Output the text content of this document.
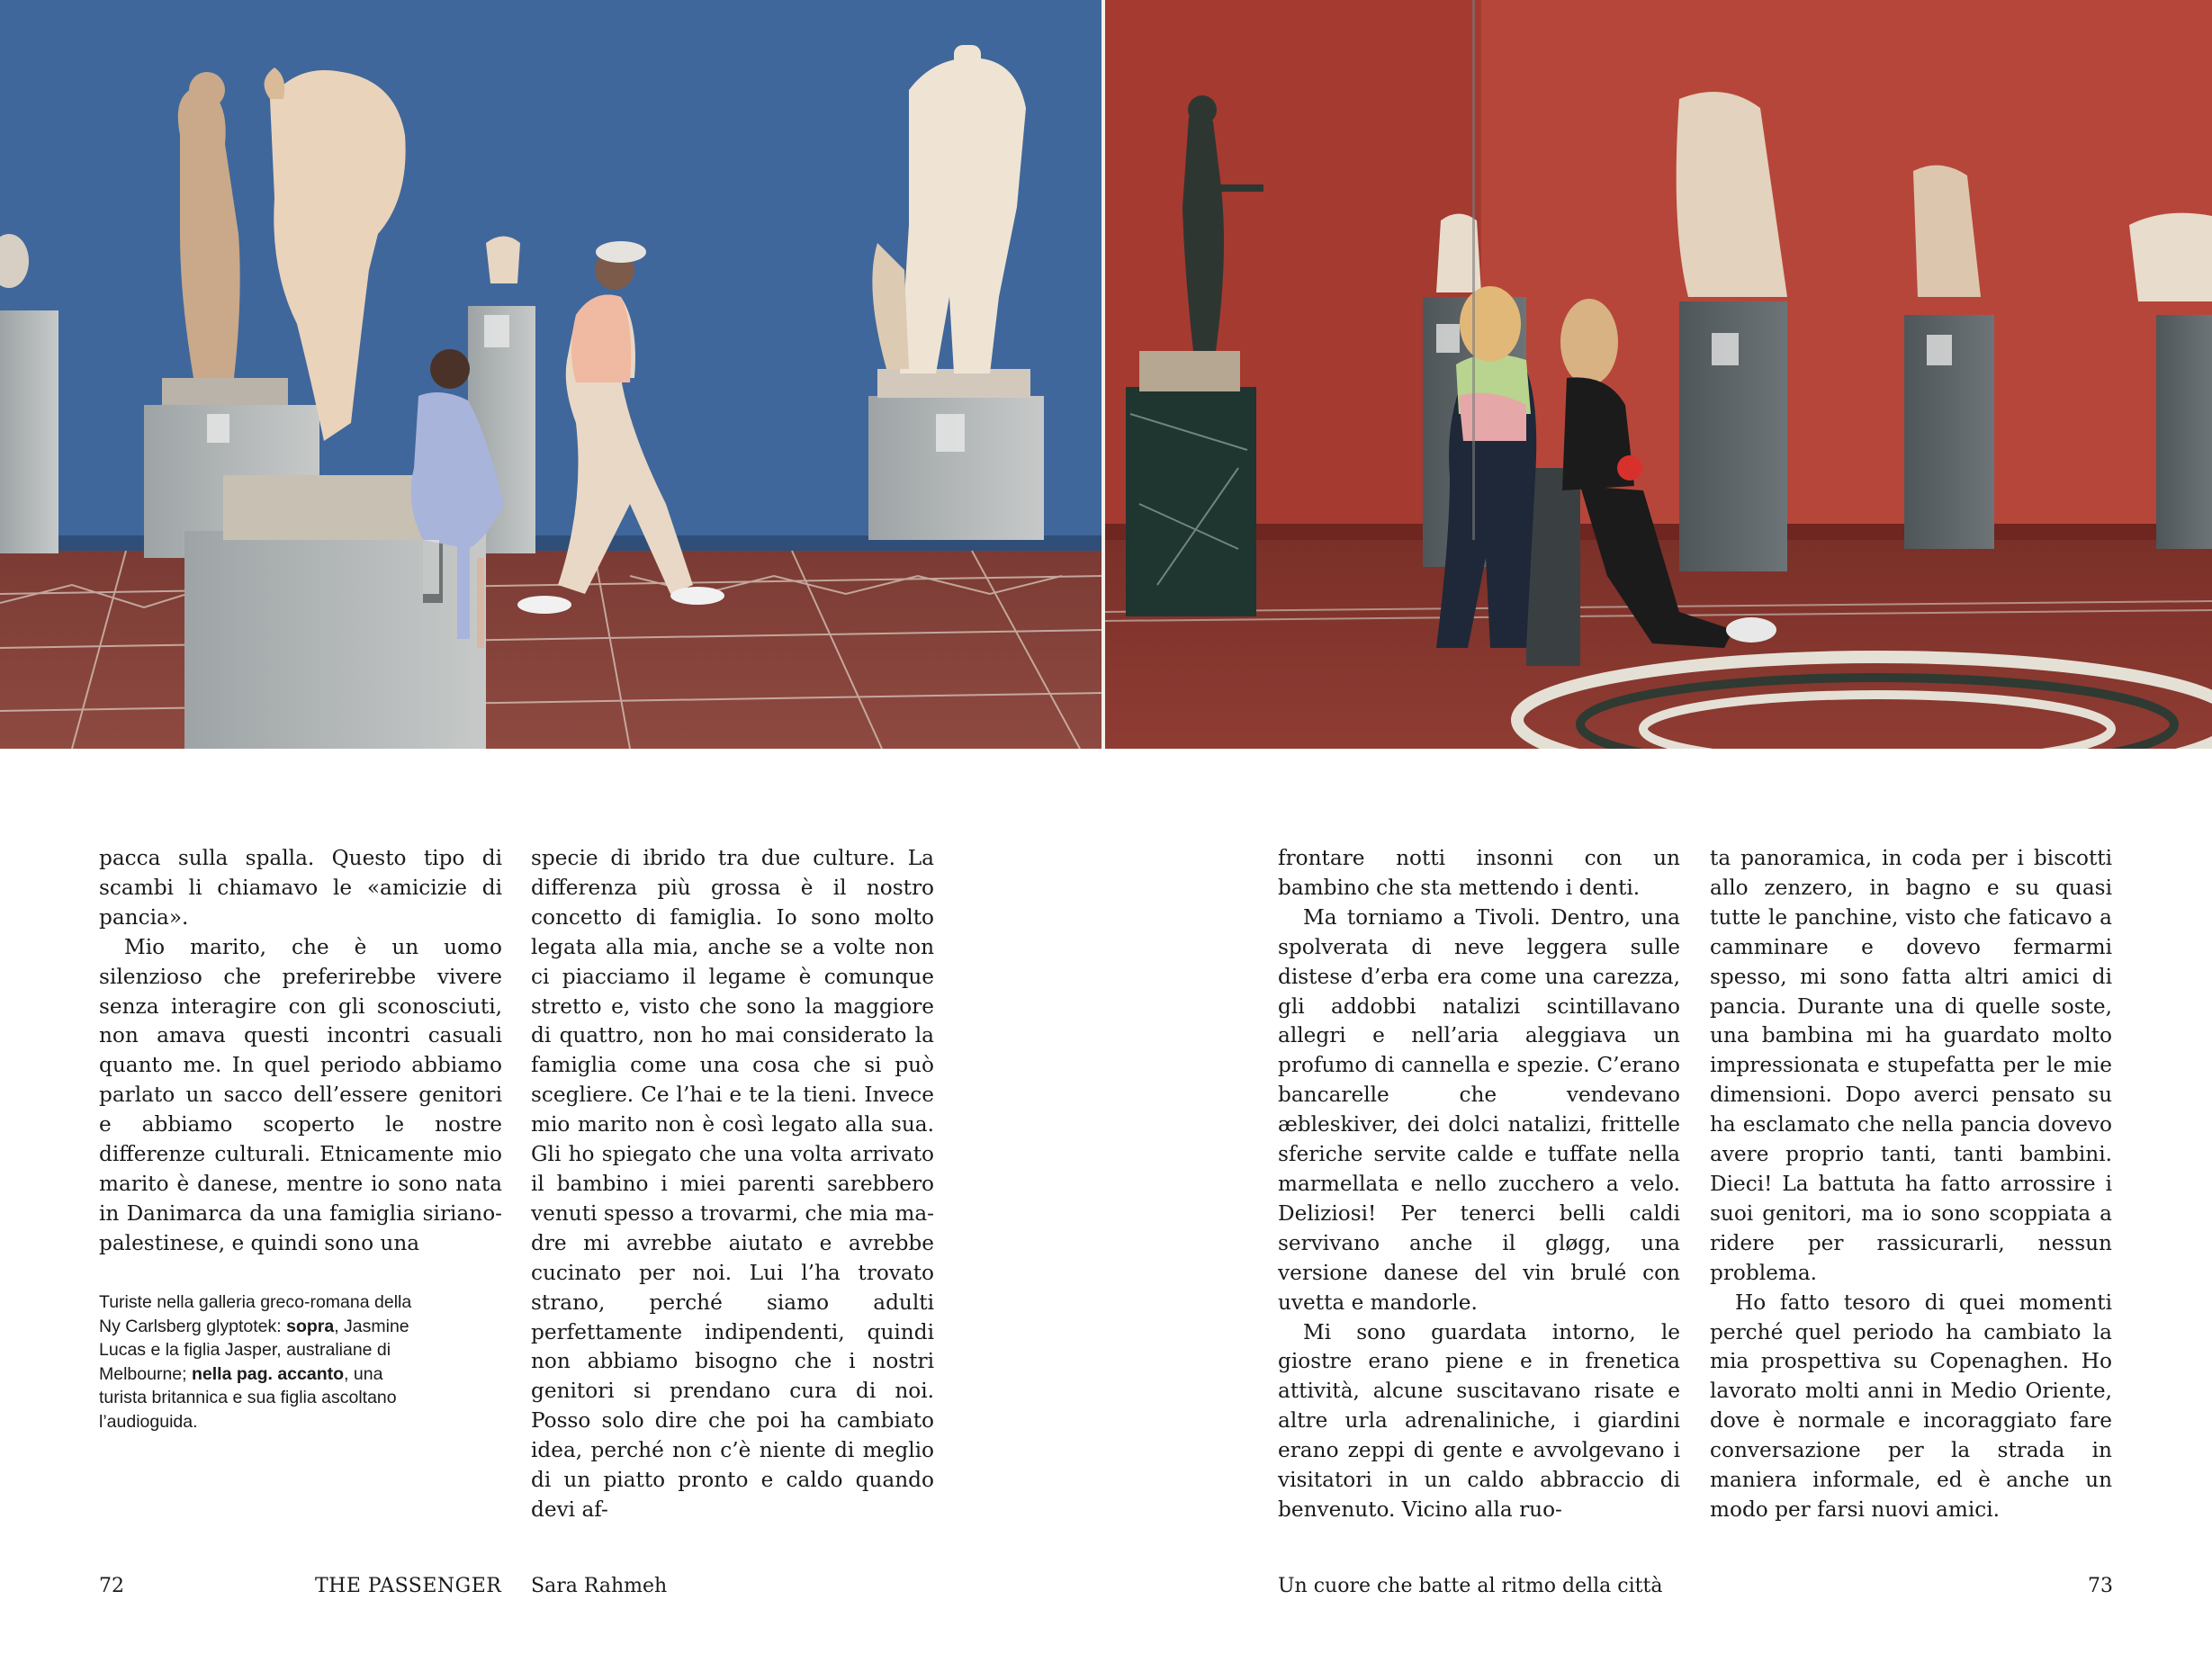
pacca sulla spalla. Questo tipo di scambi li chiamavo le «amicizie di pancia».

Mio marito, che è un uomo silenzioso che preferirebbe vivere senza interagire con gli sconosciuti, non amava questi incontri casuali quanto me. In quel periodo abbiamo parlato un sacco dell’essere genitori e abbiamo scoperto le nostre differenze culturali. Etnicamente mio marito è danese, mentre io sono nata in Danimarca da una famiglia siriano-palestinese, e quindi sono una

specie di ibrido tra due culture. La differenza più grossa è il nostro concetto di famiglia. Io sono molto legata alla mia, anche se a volte non ci piacciamo il legame è comunque stretto e, visto che sono la maggiore di quattro, non ho mai considerato la famiglia come una cosa che si può scegliere. Ce l’hai e te la tieni. Invece mio marito non è così legato alla sua. Gli ho spiegato che una volta arrivato il bambino i miei parenti sarebbero venuti spesso a trovarmi, che mia madre mi avrebbe aiutato e avrebbe cucinato per noi. Lui l’ha trovato strano, perché siamo adulti perfettamente indipendenti, quindi non abbiamo bisogno che i nostri genitori si prendano cura di noi. Posso solo dire che poi ha cambiato idea, perché non c’è niente di meglio di un piatto pronto e caldo quando devi af-

frontare notti insonni con un bambino che sta mettendo i denti.

Ma torniamo a Tivoli. Dentro, una spolverata di neve leggera sulle distese d’erba era come una carezza, gli addobbi natalizi scintillavano allegri e nell’aria aleggiava un profumo di cannella e spezie. C’erano bancarelle che vendevano æbleskiver, dei dolci natalizi, frittelle sferiche servite calde e tuffate nella marmellata e nello zucchero a velo. Deliziosi! Per tenerci belli caldi servivano anche il gløgg, una versione danese del vin brulé con uvetta e mandorle.

Mi sono guardata intorno, le giostre erano piene e in frenetica attività, alcune suscitavano risate e altre urla adrenaliniche, i giardini erano zeppi di gente e avvolgevano i visitatori in un caldo abbraccio di benvenuto. Vicino alla ruo-

ta panoramica, in coda per i biscotti allo zenzero, in bagno e su quasi tutte le panchine, visto che faticavo a camminare e dovevo fermarmi spesso, mi sono fatta altri amici di pancia. Durante una di quelle soste, una bambina mi ha guardato molto impressionata e stupefatta per le mie dimensioni. Dopo averci pensato su ha esclamato che nella pancia dovevo avere proprio tanti, tanti bambini. Dieci! La battuta ha fatto arrossire i suoi genitori, ma io sono scoppiata a ridere per rassicurarli, nessun problema.

Ho fatto tesoro di quei momenti perché quel periodo ha cambiato la mia prospettiva su Copenaghen. Ho lavorato molti anni in Medio Oriente, dove è normale e incoraggiato fare conversazione per la strada in maniera informale, ed è anche un modo per farsi nuovi amici.

Turiste nella galleria greco-romana della Ny Carlsberg glyptotek: sopra, Jasmine Lucas e la figlia Jasper, australiane di Melbourne; nella pag. accanto, una turista britannica e sua figlia ascoltano l’audioguida.
72	THE PASSENGER Sara Rahmeh	Un cuore che batte al ritmo della città	73
